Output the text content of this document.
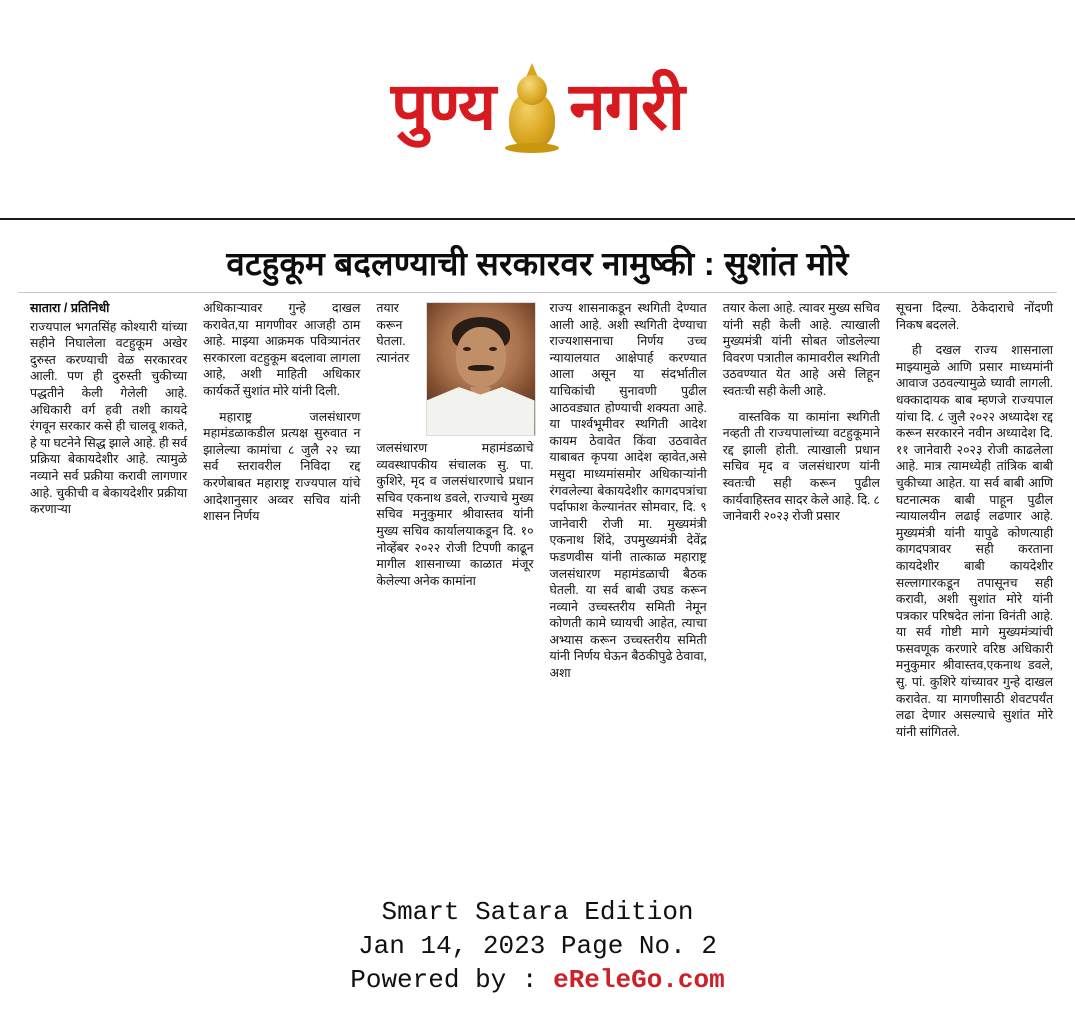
पुण्य नगरी
वटहुकूम बदलण्याची सरकारवर नामुष्की : सुशांत मोरे
सातारा / प्रतिनिधी

राज्यपाल भगतसिंह कोश्यारी यांच्या सहीने निघालेला वटहुकूम अखेर दुरुस्त करण्याची वेळ सरकारवर आली. पण ही दुरुस्ती चुकीच्या पद्धतीने केली गेलेली आहे. अधिकारी वर्ग हवी तशी कायदे रंगवून सरकार कसे ही चालवू शकते, हे या घटनेने सिद्ध झाले आहे. ही सर्व प्रक्रिया बेकायदेशीर आहे. त्यामुळे नव्याने सर्व प्रक्रीया करावी लागणार आहे. चुकीची व बेकायदेशीर प्रक्रीया करणाऱ्या

अधिकाऱ्यावर गुन्हे दाखल करावेत,या मागणीवर आजही ठाम आहे. माझ्या आक्रमक पवित्र्यानंतर सरकारला वटहुकूम बदलावा लागला आहे, अशी माहिती अधिकार कार्यकर्ते सुशांत मोरे यांनी दिली.

महाराष्ट्र जलसंधारण महामंडळाकडील प्रत्यक्ष सुरुवात न झालेल्या कामांचा ८ जुलै २२ च्या सर्व स्तरावरील निविदा रद्द करणेबाबत महाराष्ट्र राज्यपाल यांचे आदेशानुसार अव्वर सचिव यांनी शासन निर्णय

तयार करून घेतला. त्यानंतर जलसंधारण महामंडळाचे व्यवस्थापकीय संचालक सु. पा. कुशिरे, मृद व जलसंधारणाचे प्रधान सचिव एकनाथ डवले, राज्याचे मुख्य सचिव मनुकुमार श्रीवास्तव यांनी मुख्य सचिव कार्यालयाकडून दि. १० नोव्हेंबर २०२२ रोजी टिपणी काढून मागील शासनाच्या काळात मंजूर केलेल्या अनेक कामांना

राज्य शासनाकडून स्थगिती देण्यात आली आहे. अशी स्थगिती देण्याचा राज्यशासनाचा निर्णय उच्च न्यायालयात आक्षेपार्ह करण्यात आला असून या संदर्भातील याचिकांची सुनावणी पुढील आठवड्यात होण्याची शक्यता आहे. या पार्श्वभूमीवर स्थगिती आदेश कायम ठेवावेत किंवा उठवावेत याबाबत कृपया आदेश व्हावेत,असे मसुदा माध्यमांसमोर अधिकाऱ्यांनी रंगवलेल्या बेकायदेशीर कागदपत्रांचा पर्दाफाश केल्यानंतर सोमवार, दि. ९ जानेवारी रोजी मा. मुख्यमंत्री एकनाथ शिंदे, उपमुख्यमंत्री देवेंद्र फडणवीस यांनी तात्काळ महाराष्ट्र जलसंधारण महामंडळाची बैठक घेतली. या सर्व बाबी उघड करून नव्याने उच्चस्तरीय समिती नेमून कोणती कामे घ्यायची आहेत, त्याचा अभ्यास करून उच्चस्तरीय समिती यांनी निर्णय घेऊन बैठकीपुढे ठेवावा, अशा

तयार केला आहे. त्यावर मुख्य सचिव यांनी सही केली आहे. त्याखाली मुख्यमंत्री यांनी सोबत जोडलेल्या विवरण पत्रातील कामावरील स्थगिती उठवण्यात येत आहे असे लिहून स्वतःची सही केली आहे.

वास्तविक या कामांना स्थगिती नव्हती ती राज्यपालांच्या वटहुकूमाने रद्द झाली होती. त्याखाली प्रधान सचिव मृद व जलसंधारण यांनी स्वतःची सही करून पुढील कार्यवाहिस्तव सादर केले आहे. दि. ८ जानेवारी २०२३ रोजी प्रसार

सूचना दिल्या. ठेकेदाराचे नोंदणी निकष बदलले.

ही दखल राज्य शासनाला माझ्यामुळे आणि प्रसार माध्यमांनी आवाज उठवल्यामुळे घ्यावी लागली. धक्कादायक बाब म्हणजे राज्यपाल यांचा दि. ८ जुलै २०२२ अध्यादेश रद्द करून सरकारने नवीन अध्यादेश दि. ११ जानेवारी २०२३ रोजी काढलेला आहे. मात्र त्यामध्येही तांत्रिक बाबी चुकीच्या आहेत. या सर्व बाबी आणि घटनात्मक बाबी पाहून पुढील न्यायालयीन लढाई लढणार आहे. मुख्यमंत्री यांनी यापुढे कोणत्याही कागदपत्रावर सही करताना कायदेशीर बाबी कायदेशीर सल्लागारकडून तपासूनच सही करावी, अशी सुशांत मोरे यांनी पत्रकार परिषदेत लांना विनंती आहे. या सर्व गोष्टी मागे मुख्यमंत्र्यांची फसवणूक करणारे वरिष्ठ अधिकारी मनुकुमार श्रीवास्तव,एकनाथ डवले, सु. पां. कुशिरे यांच्यावर गुन्हे दाखल करावेत. या मागणीसाठी शेवटपर्यंत लढा देणार असल्याचे सुशांत मोरे यांनी सांगितले.

Smart Satara Edition
Jan 14, 2023 Page No. 2
Powered by : eReleGo.com
